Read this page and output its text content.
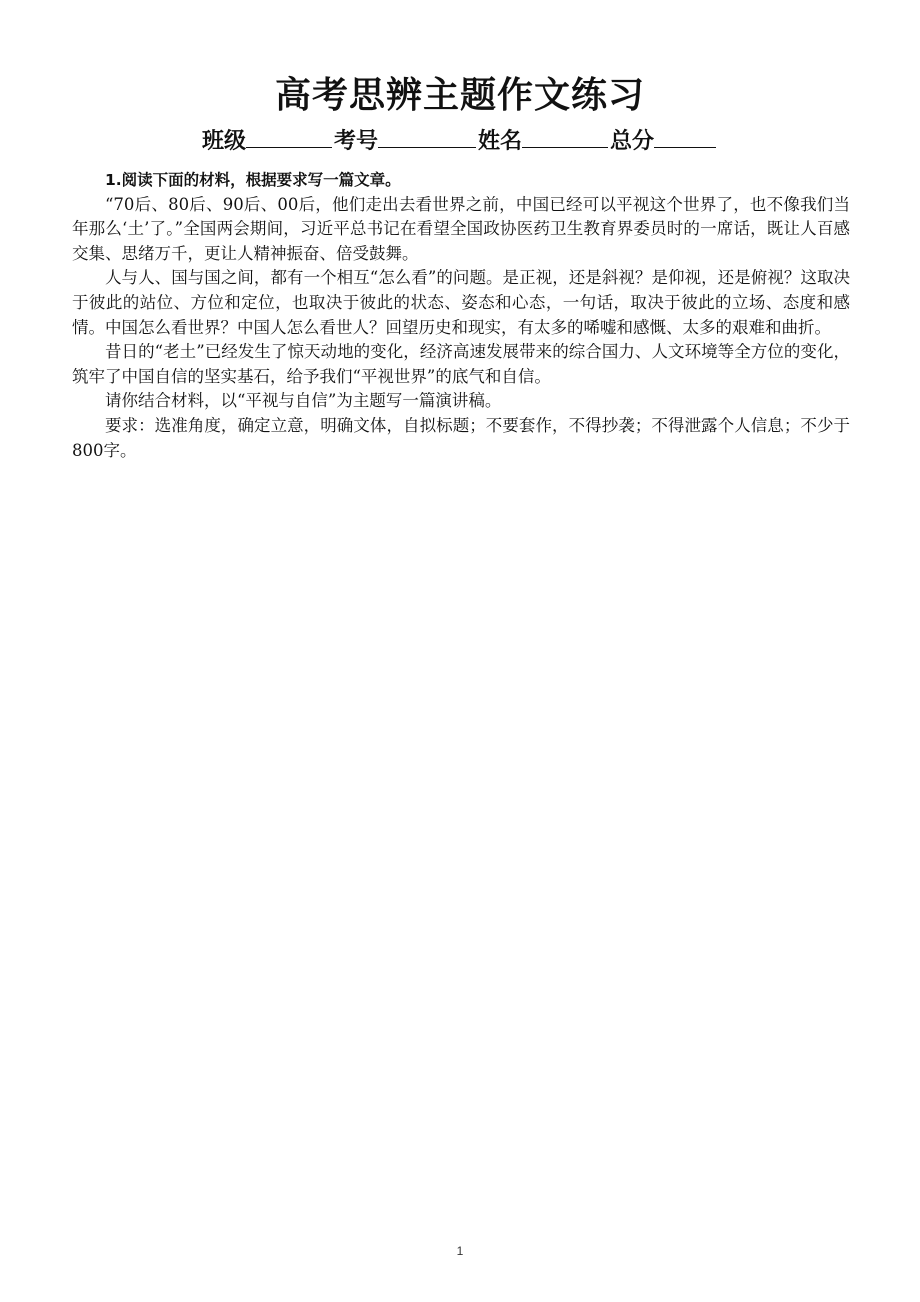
高考思辨主题作文练习
班级	考号	姓名	总分

1.阅读下面的材料，根据要求写一篇文章。

“70后、80后、90后、00后，他们走出去看世界之前，中国已经可以平视这个世界了，也不像我们当年那么‘土’了。”全国两会期间，习近平总书记在看望全国政协医药卫生教育界委员时的一席话，既让人百感交集、思绪万千，更让人精神振奋、倍受鼓舞。

人与人、国与国之间，都有一个相互“怎么看”的问题。是正视，还是斜视？是仰视，还是俯视？这取决于彼此的站位、方位和定位，也取决于彼此的状态、姿态和心态，一句话，取决于彼此的立场、态度和感情。中国怎么看世界？中国人怎么看世人？回望历史和现实，有太多的唏嘘和感慨、太多的艰难和曲折。

昔日的“老土”已经发生了惊天动地的变化，经济高速发展带来的综合国力、人文环境等全方位的变化，筑牢了中国自信的坚实基石，给予我们“平视世界”的底气和自信。

请你结合材料，以“平视与自信”为主题写一篇演讲稿。

要求：选准角度，确定立意，明确文体，自拟标题；不要套作，不得抄袭；不得泄露个人信息；不少于800字。

1
